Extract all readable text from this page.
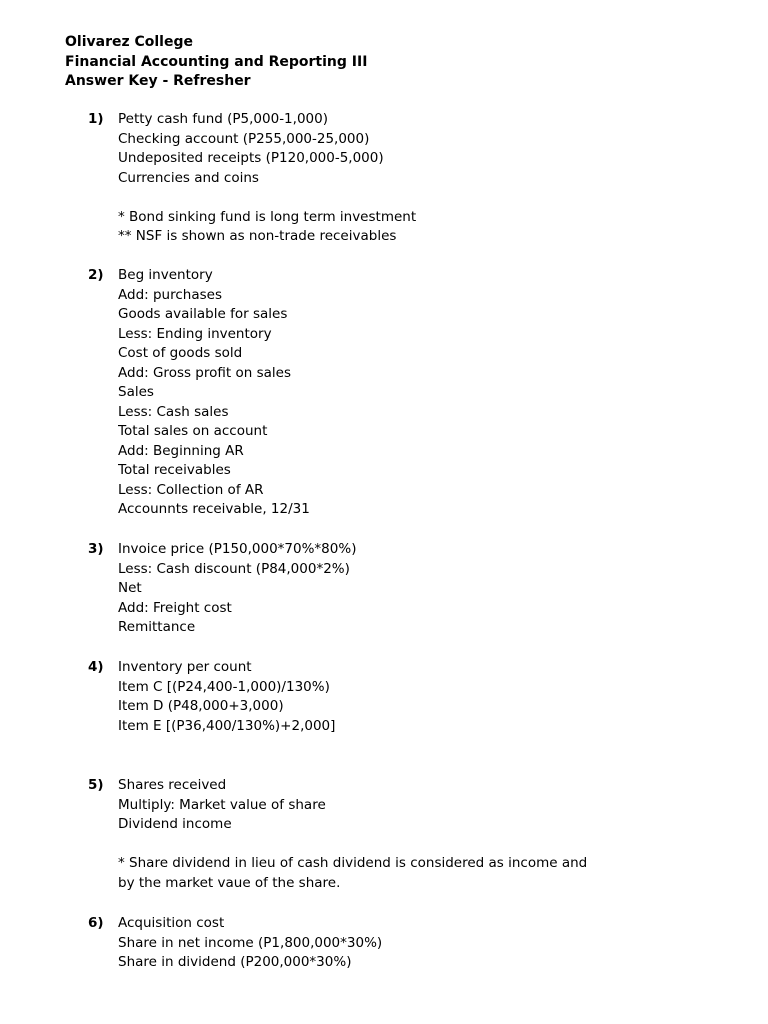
Olivarez College
Financial Accounting and Reporting III
Answer Key - Refresher
1) Petty cash fund (P5,000-1,000)
Checking account (P255,000-25,000)
Undeposited receipts (P120,000-5,000)
Currencies and coins
* Bond sinking fund is long term investment
** NSF is shown as non-trade receivables
2) Beg inventory
Add: purchases
Goods available for sales
Less: Ending inventory
Cost of goods sold
Add: Gross profit on sales
Sales
Less: Cash sales
Total sales on account
Add: Beginning AR
Total receivables
Less: Collection of AR
Accounnts receivable, 12/31
3) Invoice price (P150,000*70%*80%)
Less: Cash discount (P84,000*2%)
Net
Add: Freight cost
Remittance
4) Inventory per count
Item C [(P24,400-1,000)/130%)
Item D (P48,000+3,000)
Item E [(P36,400/130%)+2,000]
5) Shares received
Multiply: Market value of share
Dividend income
* Share dividend in lieu of cash dividend is considered as income and
by the market vaue of the share.
6) Acquisition cost
Share in net income (P1,800,000*30%)
Share in dividend (P200,000*30%)
